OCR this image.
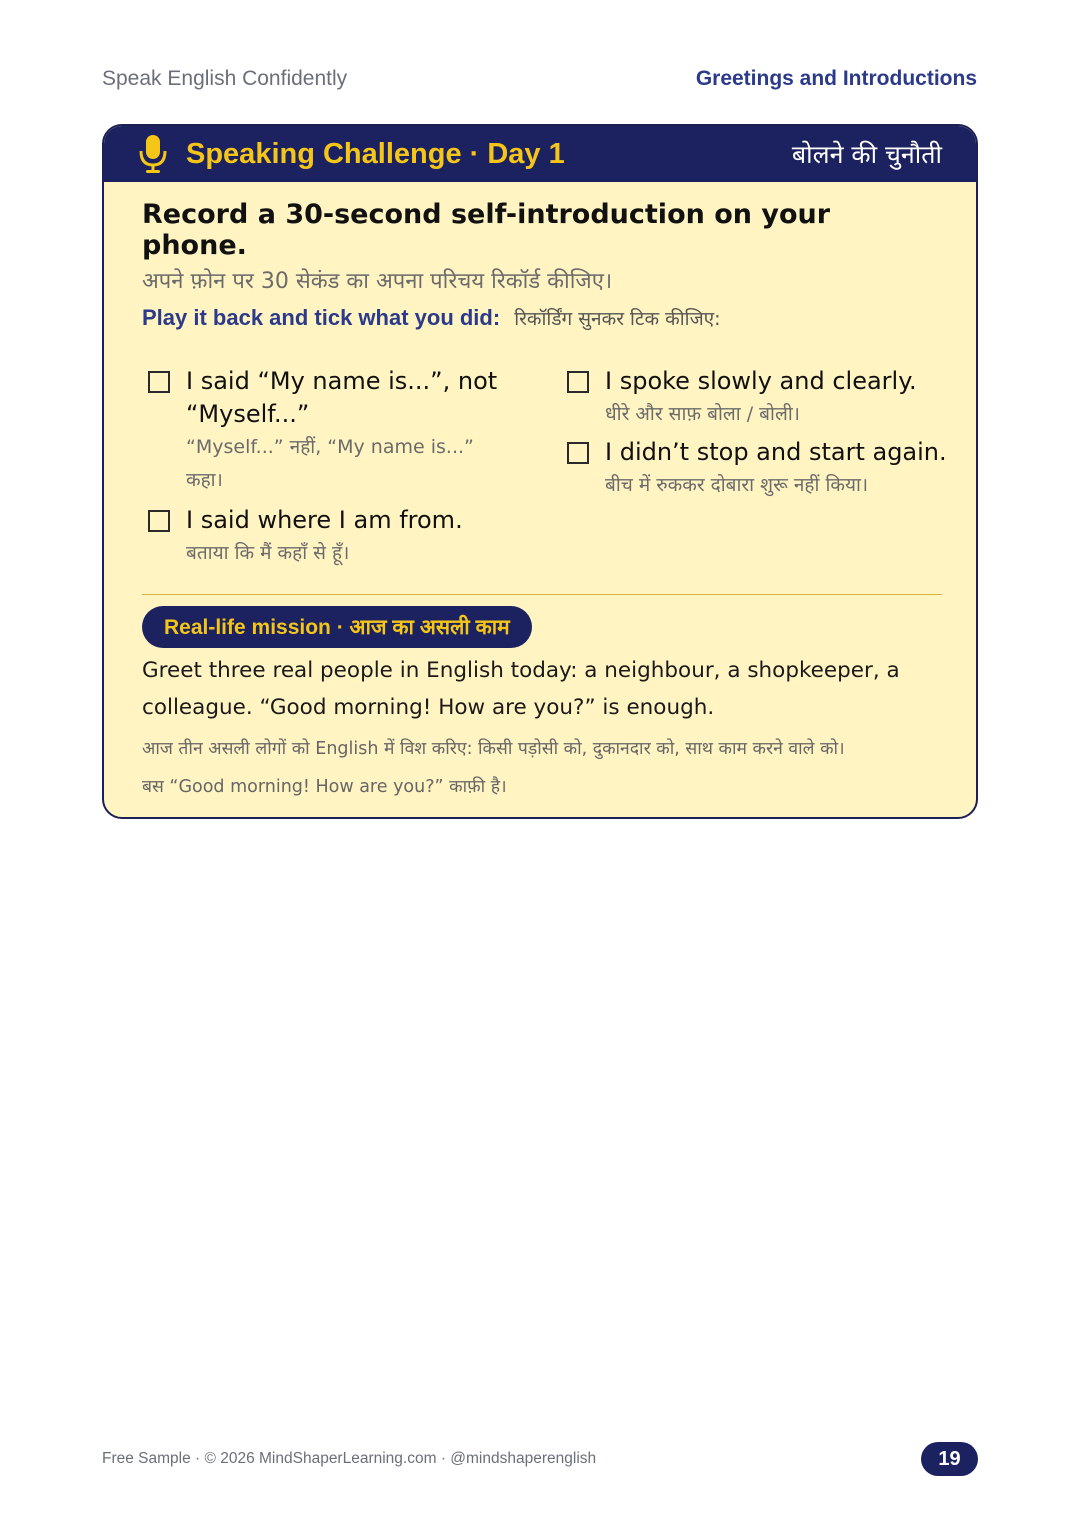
Speak English Confidently	Greetings and Introductions
Speaking Challenge · Day 1	बोलने की चुनौती
Record a 30-second self-introduction on your phone.
अपने फ़ोन पर 30 सेकंड का अपना परिचय रिकॉर्ड कीजिए।
Play it back and tick what you did: रिकॉर्डिंग सुनकर टिक कीजिए:
I said “My name is...”, not
“Myself...”
“Myself...” नहीं, “My name is...”
कहा।
I said where I am from.
बताया कि मैं कहाँ से हूँ।
I spoke slowly and clearly.
धीरे और साफ़ बोला / बोली।
I didn’t stop and start again.
बीच में रुककर दोबारा शुरू नहीं किया।
Real-life mission · आज का असली काम
Greet three real people in English today: a neighbour, a shopkeeper, a
colleague. “Good morning! How are you?” is enough.
आज तीन असली लोगों को English में विश करिए: किसी पड़ोसी को, दुकानदार को, साथ काम करने वाले को।
बस “Good morning! How are you?” काफ़ी है।
Free Sample · © 2026 MindShaperLearning.com · @mindshaperenglish	19
